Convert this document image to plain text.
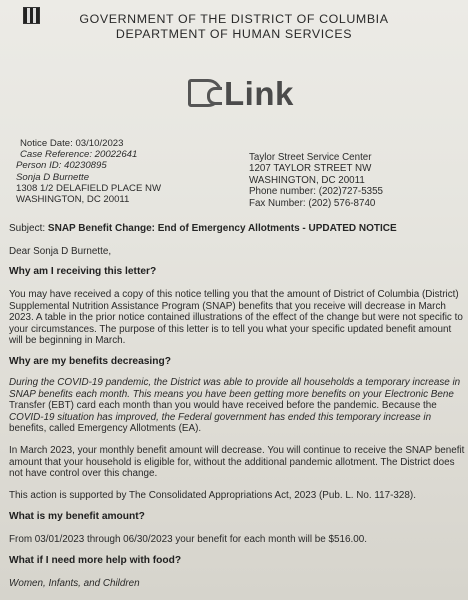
GOVERNMENT OF THE DISTRICT OF COLUMBIA
DEPARTMENT OF HUMAN SERVICES
Link
Notice Date: 03/10/2023
Case Reference: 20022641
Person ID: 40230895
Sonja D Burnette
1308 1/2 DELAFIELD PLACE NW
WASHINGTON, DC 20011
Taylor Street Service Center
1207 TAYLOR STREET NW
WASHINGTON, DC 20011
Phone number: (202)727-5355
Fax Number: (202) 576-8740
Subject: SNAP Benefit Change: End of Emergency Allotments - UPDATED NOTICE
Dear Sonja D Burnette,
Why am I receiving this letter?
You may have received a copy of this notice telling you that the amount of District of Columbia (District)
Supplemental Nutrition Assistance Program (SNAP) benefits that you receive will decrease in March
2023. A table in the prior notice contained illustrations of the effect of the change but were not specific to
your circumstances. The purpose of this letter is to tell you what your specific updated benefit amount
will be beginning in March.
Why are my benefits decreasing?
During the COVID-19 pandemic, the District was able to provide all households a temporary increase in
SNAP benefits each month. This means you have been getting more benefits on your Electronic Bene
Transfer (EBT) card each month than you would have received before the pandemic. Because the
COVID-19 situation has improved, the Federal government has ended this temporary increase in
benefits, called Emergency Allotments (EA).
In March 2023, your monthly benefit amount will decrease. You will continue to receive the SNAP benefit
amount that your household is eligible for, without the additional pandemic allotment. The District does
not have control over this change.
This action is supported by The Consolidated Appropriations Act, 2023 (Pub. L. No. 117-328).
What is my benefit amount?
From 03/01/2023 through 06/30/2023 your benefit for each month will be $516.00.
What if I need more help with food?
Women, Infants, and Children
